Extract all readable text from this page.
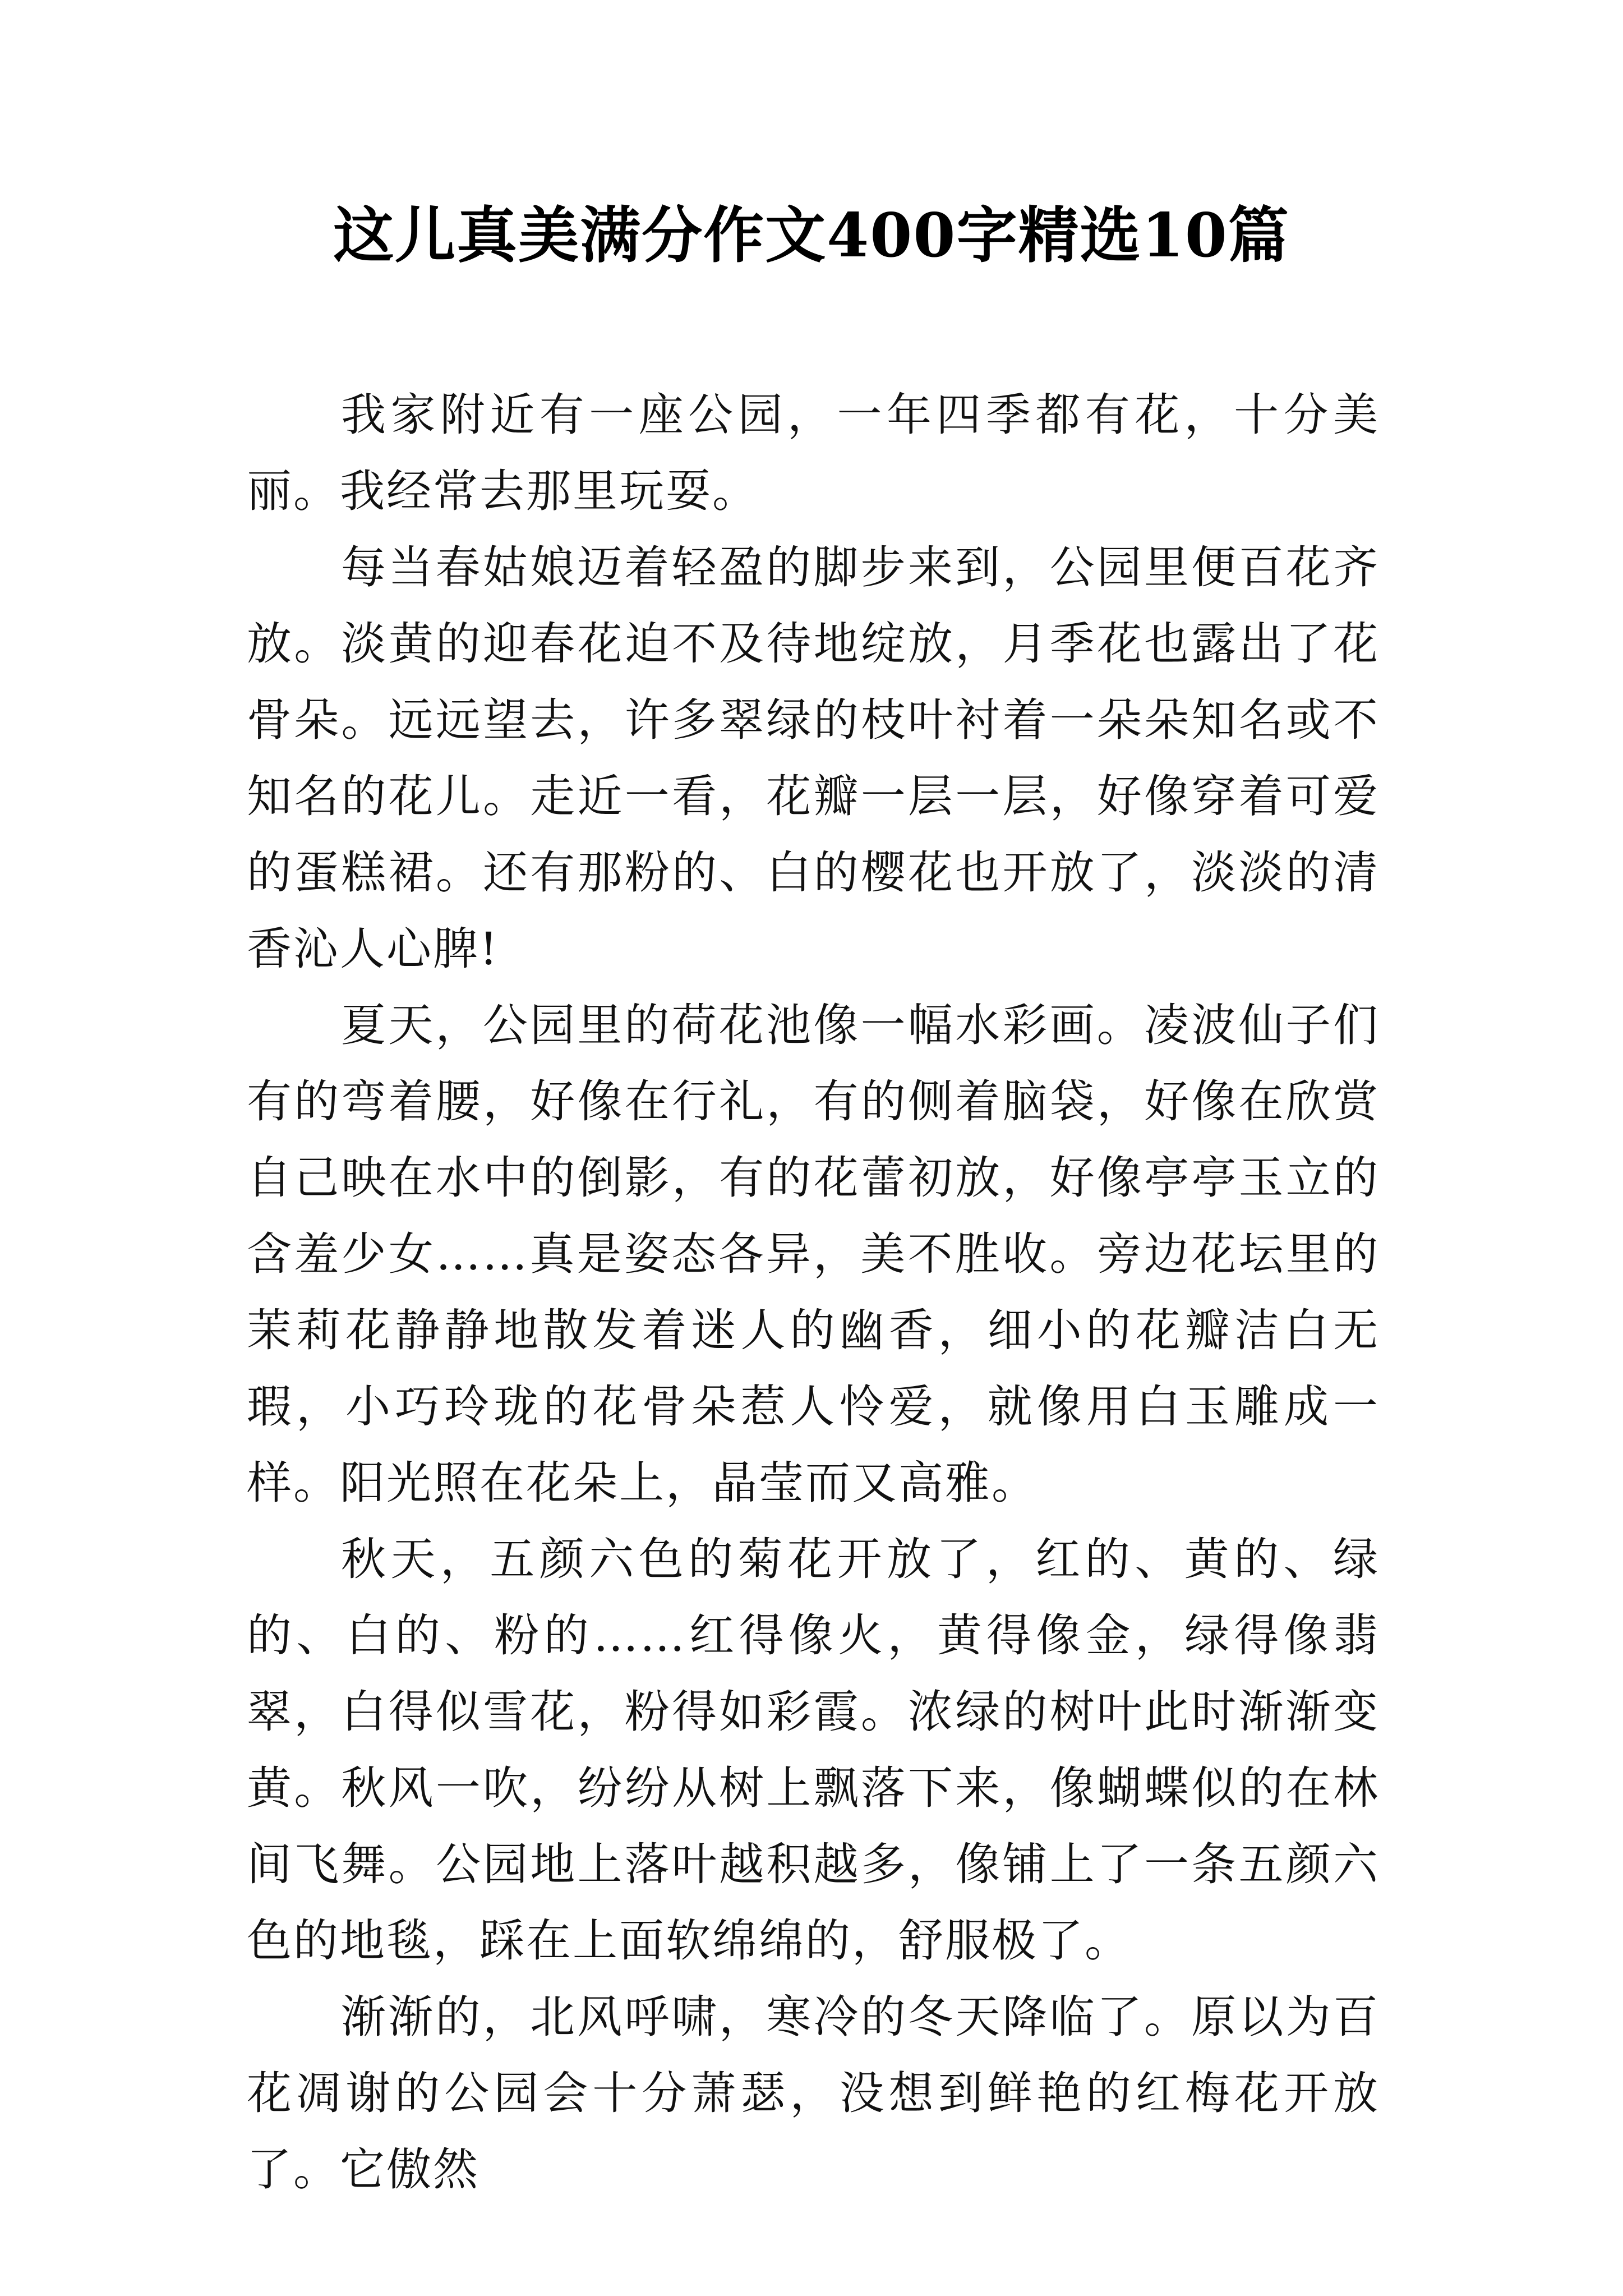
这儿真美满分作文400字精选10篇

我家附近有一座公园，一年四季都有花，十分美丽。我经常去那里玩耍。

每当春姑娘迈着轻盈的脚步来到，公园里便百花齐放。淡黄的迎春花迫不及待地绽放，月季花也露出了花骨朵。远远望去，许多翠绿的枝叶衬着一朵朵知名或不知名的花儿。走近一看，花瓣一层一层，好像穿着可爱的蛋糕裙。还有那粉的、白的樱花也开放了，淡淡的清香沁人心脾!

夏天，公园里的荷花池像一幅水彩画。凌波仙子们有的弯着腰，好像在行礼，有的侧着脑袋，好像在欣赏自己映在水中的倒影，有的花蕾初放，好像亭亭玉立的含羞少女……真是姿态各异，美不胜收。旁边花坛里的茉莉花静静地散发着迷人的幽香，细小的花瓣洁白无瑕，小巧玲珑的花骨朵惹人怜爱，就像用白玉雕成一样。阳光照在花朵上，晶莹而又高雅。

秋天，五颜六色的菊花开放了，红的、黄的、绿的、白的、粉的……红得像火，黄得像金，绿得像翡翠，白得似雪花，粉得如彩霞。浓绿的树叶此时渐渐变黄。秋风一吹，纷纷从树上飘落下来，像蝴蝶似的在林间飞舞。公园地上落叶越积越多，像铺上了一条五颜六色的地毯，踩在上面软绵绵的，舒服极了。

渐渐的，北风呼啸，寒冷的冬天降临了。原以为百花凋谢的公园会十分萧瑟，没想到鲜艳的红梅花开放了。它傲然
